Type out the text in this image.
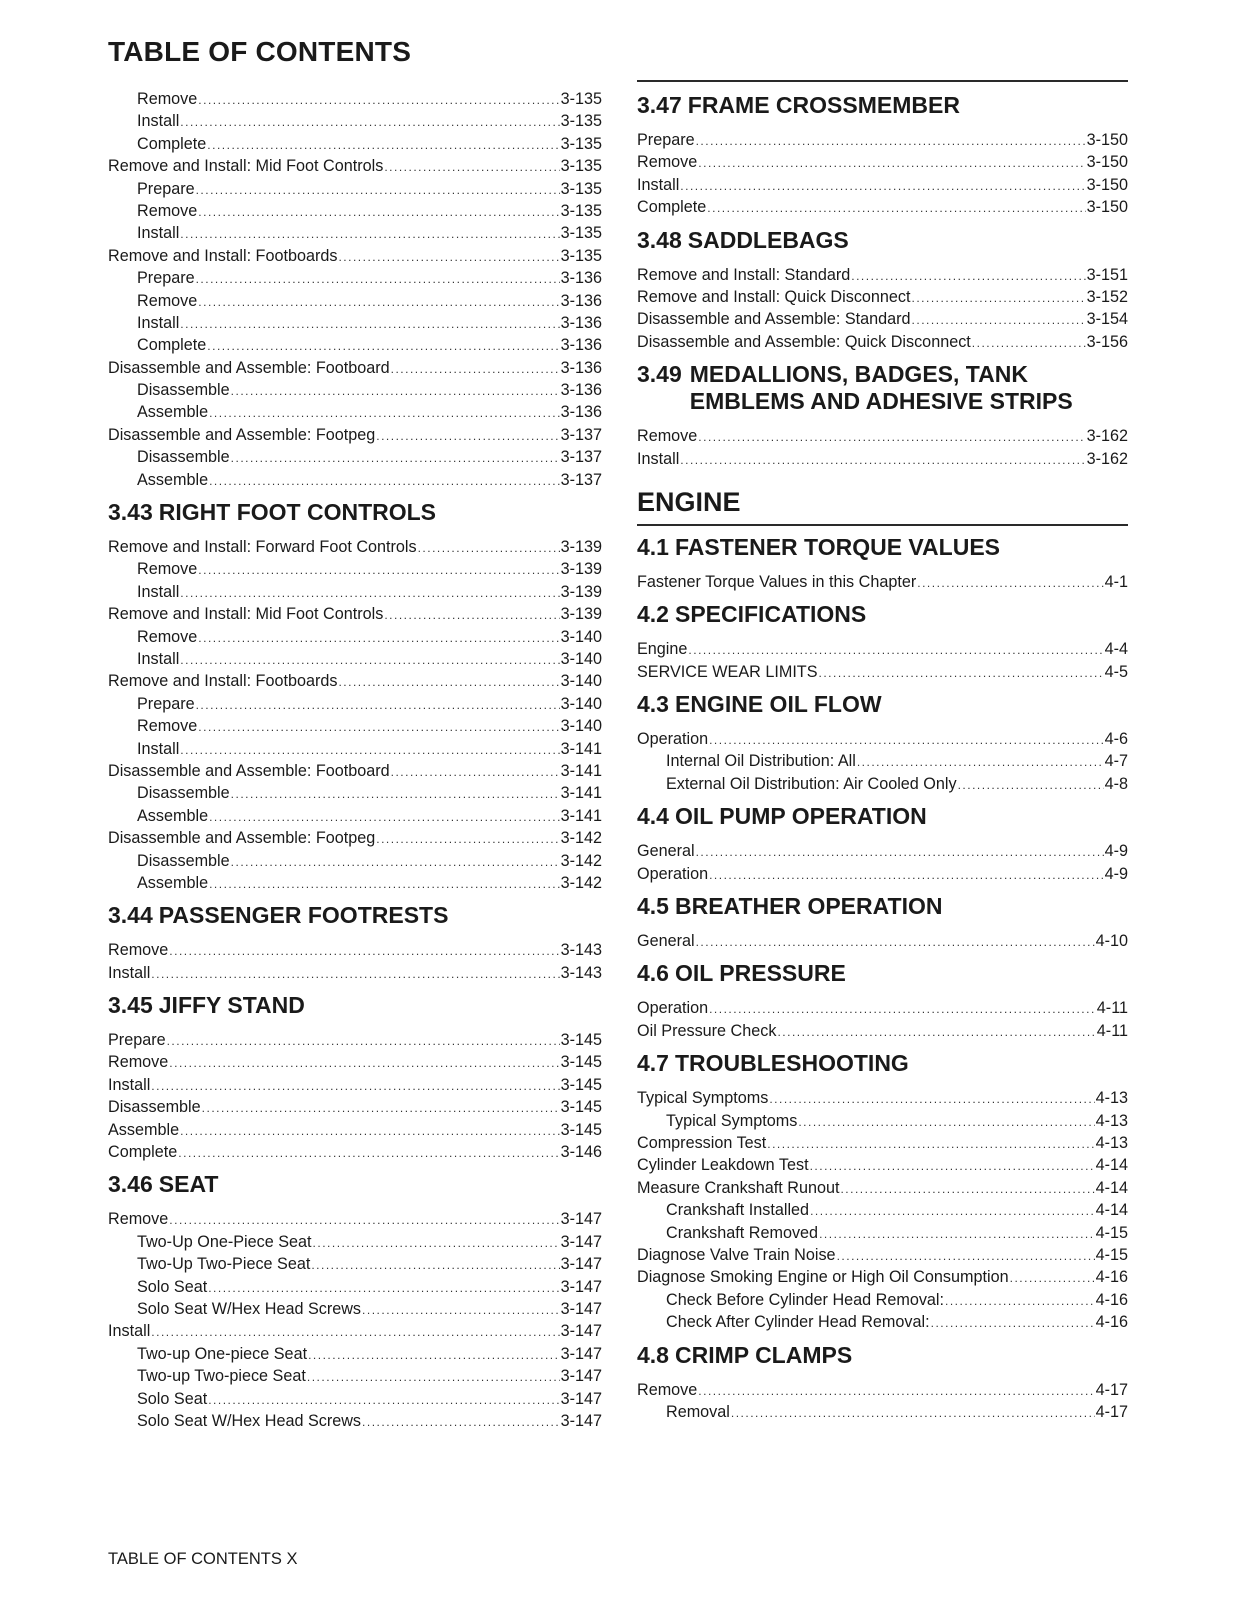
TABLE OF CONTENTS
Remove .....	3-135
Install .....	3-135
Complete .....	3-135
Remove and Install: Mid Foot Controls .....	3-135
Prepare .....	3-135
Remove .....	3-135
Install .....	3-135
Remove and Install: Footboards .....	3-135
Prepare .....	3-136
Remove .....	3-136
Install .....	3-136
Complete .....	3-136
Disassemble and Assemble: Footboard .....	3-136
Disassemble .....	3-136
Assemble .....	3-136
Disassemble and Assemble: Footpeg .....	3-137
Disassemble .....	3-137
Assemble .....	3-137
3.43 RIGHT FOOT CONTROLS
Remove and Install: Forward Foot Controls .....	3-139
Remove .....	3-139
Install .....	3-139
Remove and Install: Mid Foot Controls .....	3-139
Remove .....	3-140
Install .....	3-140
Remove and Install: Footboards .....	3-140
Prepare .....	3-140
Remove .....	3-140
Install .....	3-141
Disassemble and Assemble: Footboard .....	3-141
Disassemble .....	3-141
Assemble .....	3-141
Disassemble and Assemble: Footpeg .....	3-142
Disassemble .....	3-142
Assemble .....	3-142
3.44 PASSENGER FOOTRESTS
Remove .....	3-143
Install .....	3-143
3.45 JIFFY STAND
Prepare .....	3-145
Remove .....	3-145
Install .....	3-145
Disassemble .....	3-145
Assemble .....	3-145
Complete .....	3-146
3.46 SEAT
Remove .....	3-147
Two-Up One-Piece Seat .....	3-147
Two-Up Two-Piece Seat .....	3-147
Solo Seat .....	3-147
Solo Seat W/Hex Head Screws .....	3-147
Install .....	3-147
Two-up One-piece Seat .....	3-147
Two-up Two-piece Seat .....	3-147
Solo Seat .....	3-147
Solo Seat W/Hex Head Screws .....	3-147
3.47 FRAME CROSSMEMBER
Prepare .....	3-150
Remove .....	3-150
Install .....	3-150
Complete .....	3-150
3.48 SADDLEBAGS
Remove and Install: Standard .....	3-151
Remove and Install: Quick Disconnect .....	3-152
Disassemble and Assemble: Standard .....	3-154
Disassemble and Assemble: Quick Disconnect .....	3-156
3.49 MEDALLIONS, BADGES, TANK EMBLEMS AND ADHESIVE STRIPS
Remove .....	3-162
Install .....	3-162
ENGINE
4.1 FASTENER TORQUE VALUES
Fastener Torque Values in this Chapter .....	4-1
4.2 SPECIFICATIONS
Engine .....	4-4
SERVICE WEAR LIMITS .....	4-5
4.3 ENGINE OIL FLOW
Operation .....	4-6
Internal Oil Distribution: All .....	4-7
External Oil Distribution: Air Cooled Only .....	4-8
4.4 OIL PUMP OPERATION
General .....	4-9
Operation .....	4-9
4.5 BREATHER OPERATION
General .....	4-10
4.6 OIL PRESSURE
Operation .....	4-11
Oil Pressure Check .....	4-11
4.7 TROUBLESHOOTING
Typical Symptoms .....	4-13
Typical Symptoms .....	4-13
Compression Test .....	4-13
Cylinder Leakdown Test .....	4-14
Measure Crankshaft Runout .....	4-14
Crankshaft Installed .....	4-14
Crankshaft Removed .....	4-15
Diagnose Valve Train Noise .....	4-15
Diagnose Smoking Engine or High Oil Consumption .....	4-16
Check Before Cylinder Head Removal: .....	4-16
Check After Cylinder Head Removal: .....	4-16
4.8 CRIMP CLAMPS
Remove .....	4-17
Removal .....	4-17
TABLE OF CONTENTS X
